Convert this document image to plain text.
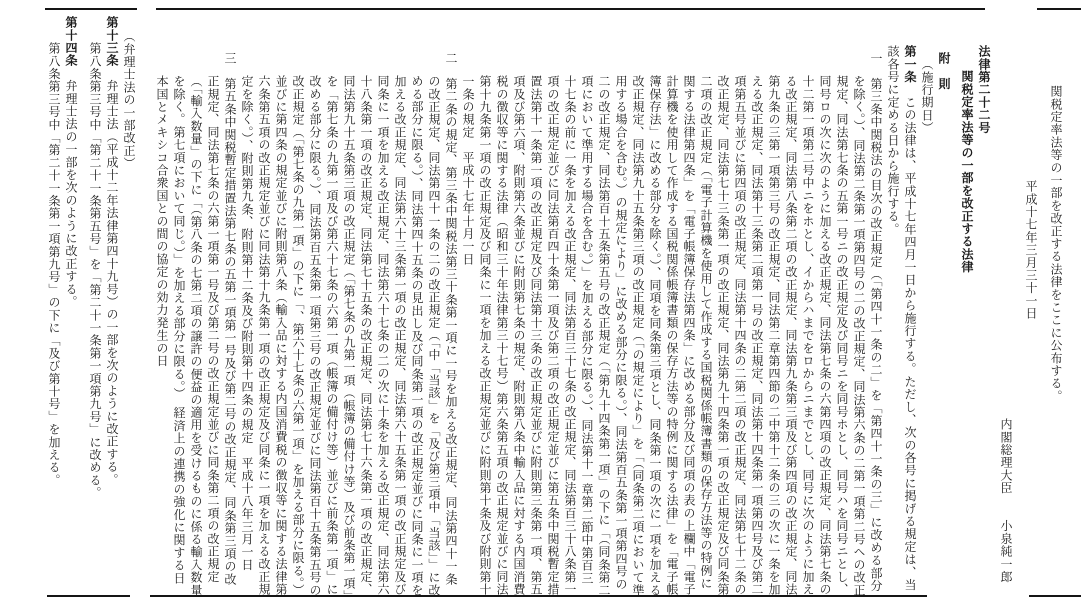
関税定率法等の一部を改正する法律をここに公布する。

平成十七年三月三十一日

内閣総理大臣　　小泉純一郎

法律第二十二号

関税定率法等の一部を改正する法律

附　則

（施行期日）

第一条　この法律は、平成十七年四月一日から施行する。ただし、次の各号に掲げる規定は、当該各号に定める日から施行する。

一　第三条中関税法の目次の改正規定（「第四十一条の二」を「第四十一条の三」に改める部分を除く。）、同法第二条第一項第四号の二の改正規定、同法第六条の二第一項第二号ヘの改正規定、同法第七条の五第一号ニの改正規定及び同号ニを同号ホとし、同号ハを同号ニとし、同号ロの次に次のように加える改正規定、同法第七条の六第四項の改正規定、同法第七条の十二第一項第二号中ニをホとし、イからハまでをロからニまでとし、同号に次のように加える改正規定、同法第八条第二項の改正規定、同法第九条第三項及び第四項の改正規定、同法第九条の三第一項第三号の改正規定、同法第二章第四節の二中第十二条の三の次に一条を加える改正規定、同法第十三条第二項第一号の改正規定、同法第十四条第一項第四号及び第二項第五号並びに第四項の改正規定、同法第十四条の二第二項の改正規定、同法第七十二条の改正規定、同法第七十三条第一項の改正規定、同法第九十四条第一項の改正規定及び同条第二項の改正規定（「電子計算機を使用して作成する国税関係帳簿書類の保存方法等の特例に関する法律第四条」を「電子帳簿保存法第四条」に改める部分及び同項の表の上欄中「電子計算機を使用して作成する国税関係帳簿書類の保存方法等の特例に関する法律」を「電子帳簿保存法」に改める部分を除く。）、同項を同条第三項とし、同条第一項の次に一項を加える改正規定、同法第九十五条第三項の改正規定（「の規定により」を「（同条第二項において準用する場合を含む。）の規定により」に改める部分に限る。）、同法第百五条第一項第四号の二の改正規定、同法第百十五条第五号の改正規定（「第九十四条第一項」の下に「（同条第二項において準用する場合を含む。）」を加える部分に限る。）、同法第十一章第二節中第百三十七条の前に一条を加える改正規定、同法第百三十七条の改正規定、同法第百三十八条第一項の改正規定並びに同法第百四十条第一項及び第二項の改正規定並びに第五条中関税暫定措置法第十一条第一項の改正規定及び同法第十三条の改正規定並びに附則第三条第一項、第五項及び第六項、附則第六条並びに附則第七条の規定、附則第八条中輸入品に対する内国消費税の徴収等に関する法律（昭和三十年法律第三十七号）第六条第五項の改正規定並びに同法第十九条第一項の改正規定及び同条に一項を加える改正規定並びに附則第十条及び附則第十一条の規定　平成十七年十月一日

二　第二条の規定、第三条中関税法第三十条第一項に一号を加える改正規定、同法第四十一条の改正規定、同法第四十一条の二の改正規定（「中「当該」を「及び第三項中「当該」」に改める部分に限る。）、同法第四十五条の見出し及び同条第一項の改正規定並びに同条に一項を加える改正規定、同法第六十三条第一項の改正規定、同法第六十五条第一項の改正規定及び同条に一項を加える改正規定、同法第六十七条の二の次に十条を加える改正規定、同法第六十八条第一項の改正規定、同法第七十五条の改正規定、同法第七十六条第一項の改正規定、同法第九十五条第三項の改正規定（「第七条の九第一項（帳簿の備付け等）及び前条第一項」を「第七条の九第一項及び第六十七条の六第一項（帳簿の備付け等）並びに前条第一項」に改める部分に限る。）、同法第百五条第一項第三号の改正規定並びに同法第百十五条第五号の改正規定（「第七条の九第一項」の下に「、第六十七条の六第一項」を加える部分に限る。）並びに第四条の規定並びに附則第八条（輸入品に対する内国消費税の徴収等に関する法律第六条第五項の改正規定並びに同法第十九条第一項の改正規定及び同条に一項を加える改正規定を除く。）、附則第九条、附則第十二条及び附則第十四条の規定　平成十八年三月一日

三　第五条中関税暫定措置法第七条の五第一項第一号及び第二号の改正規定、同条第三項の改正規定、同法第七条の六第一項第一号及び第二号の改正規定並びに同条第二項の改正規定（「輸入数量」の下に「（第八条の七第二項の譲許の便益の適用を受けるものに係る輸入数量を除く。第七項において同じ。）」を加える部分に限る。）　経済上の連携の強化に関する日本国とメキシコ合衆国との間の協定の効力発生の日

（弁理士法の一部改正）

第十三条　弁理士法（平成十二年法律第四十九号）の一部を次のように改正する。

第八条第三号中「第二十一条第五号」を「第二十一条第一項第九号」に改める。

第十四条　弁理士法の一部を次のように改正する。

第八条第三号中「第二十一条第一項第九号」の下に「及び第十号」を加える。
